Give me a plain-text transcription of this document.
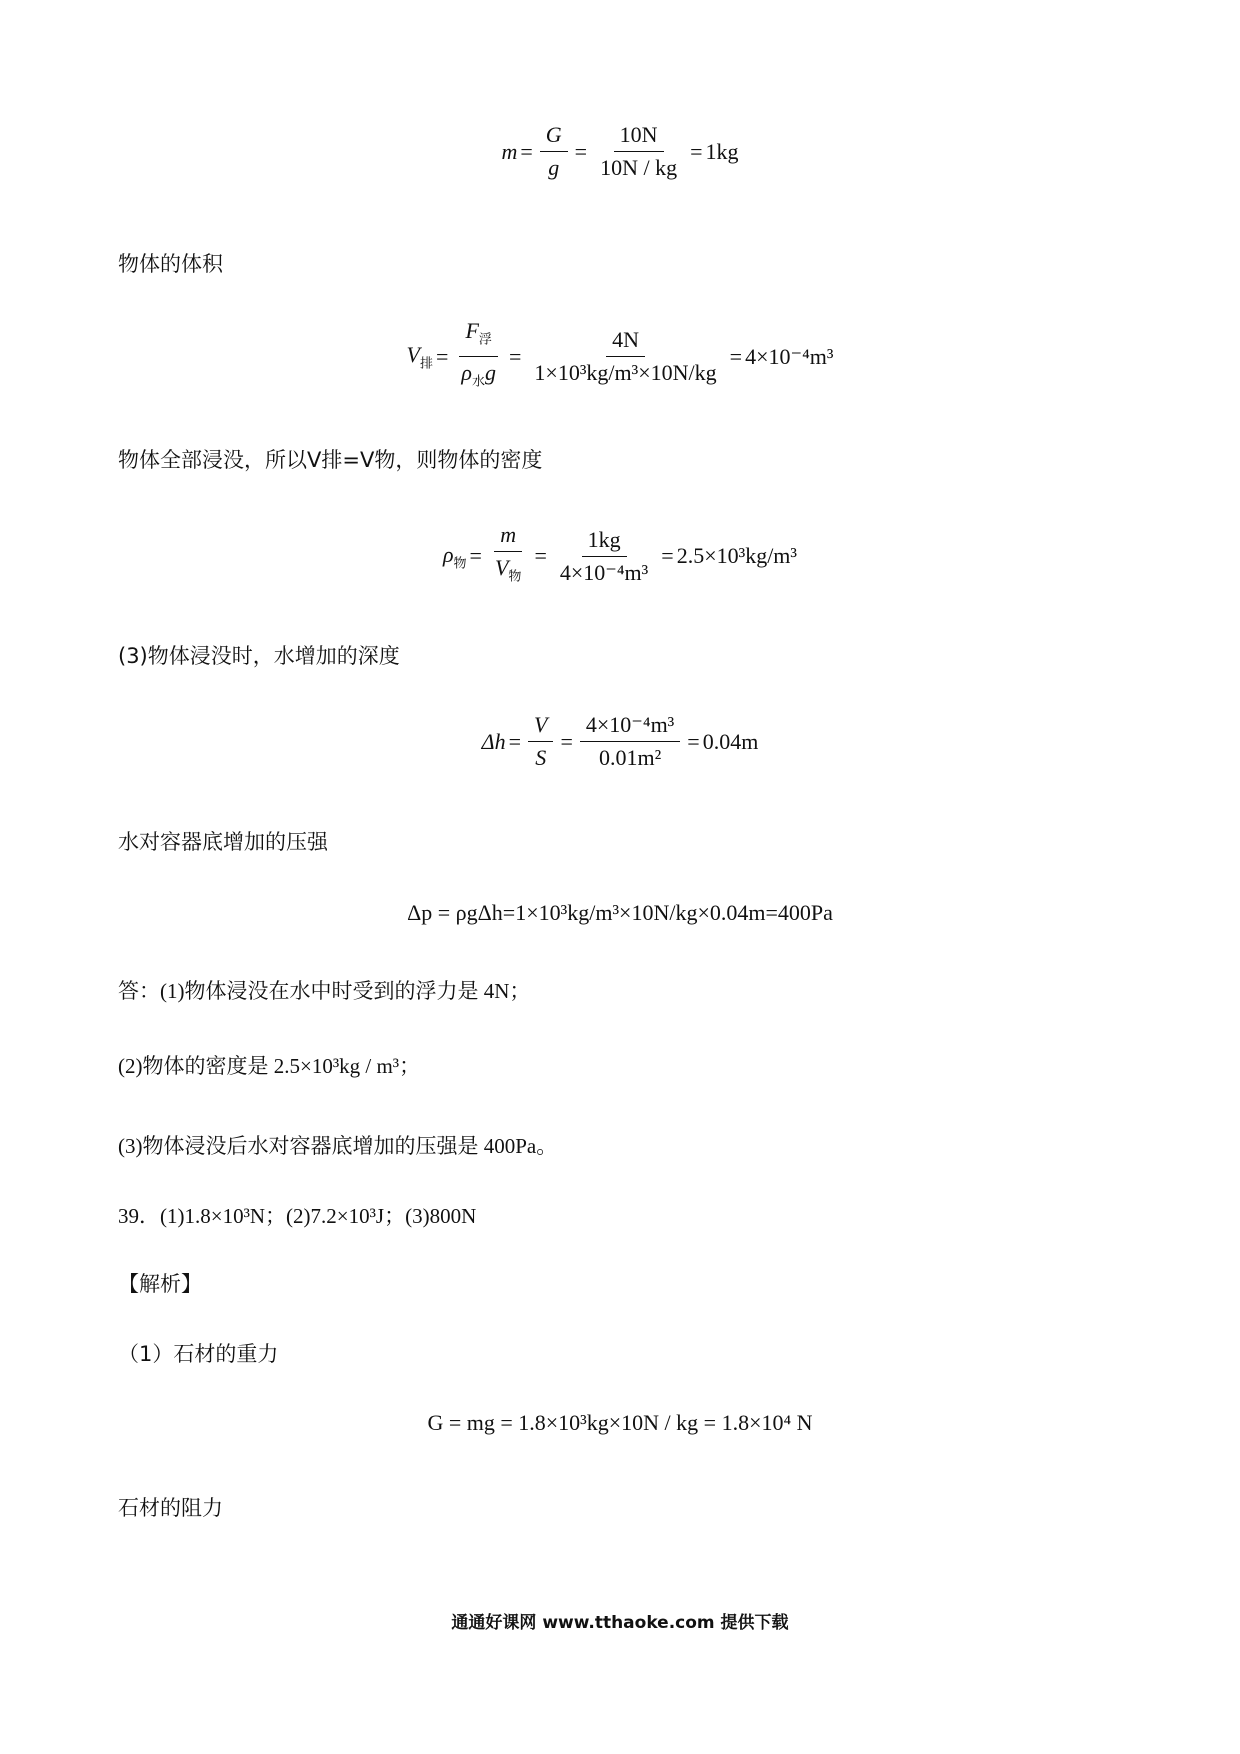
$m = \frac{G}{g} = \frac{10N}{10N / kg} = 1kg$
物体的体积
$V_排 = \frac{F_浮}{\rho_水g} = \frac{4N}{\text{1×10³kg/m³×10N/kg}} = 4\times 10^{-4}m^3$
物体全部浸没，所以V排=V物，则物体的密度
$\rho_物 = \frac{m}{V_物} = \frac{1kg}{\text{4×10⁻⁴m³}} = 2.5\times 10^3kg/m^3$
(3)物体浸没时，水增加的深度
$\Delta h = \frac{V}{S} = \frac{\text{4×10⁻⁴m³}}{\text{0.01m²}} = 0.04m$
水对容器底增加的压强
Δp = ρgΔh=1×10³kg/m³×10N/kg×0.04m=400Pa
答：(1)物体浸没在水中时受到的浮力是 4N；
(2)物体的密度是 2.5×10³kg / m³；
(3)物体浸没后水对容器底增加的压强是 400Pa。
39．(1)1.8×10³N；(2)7.2×10³J；(3)800N
【解析】
（1）石材的重力
G = mg = 1.8×10³kg×10N / kg = 1.8×10⁴ N
石材的阻力
通通好课网 www.tthaoke.com 提供下载
